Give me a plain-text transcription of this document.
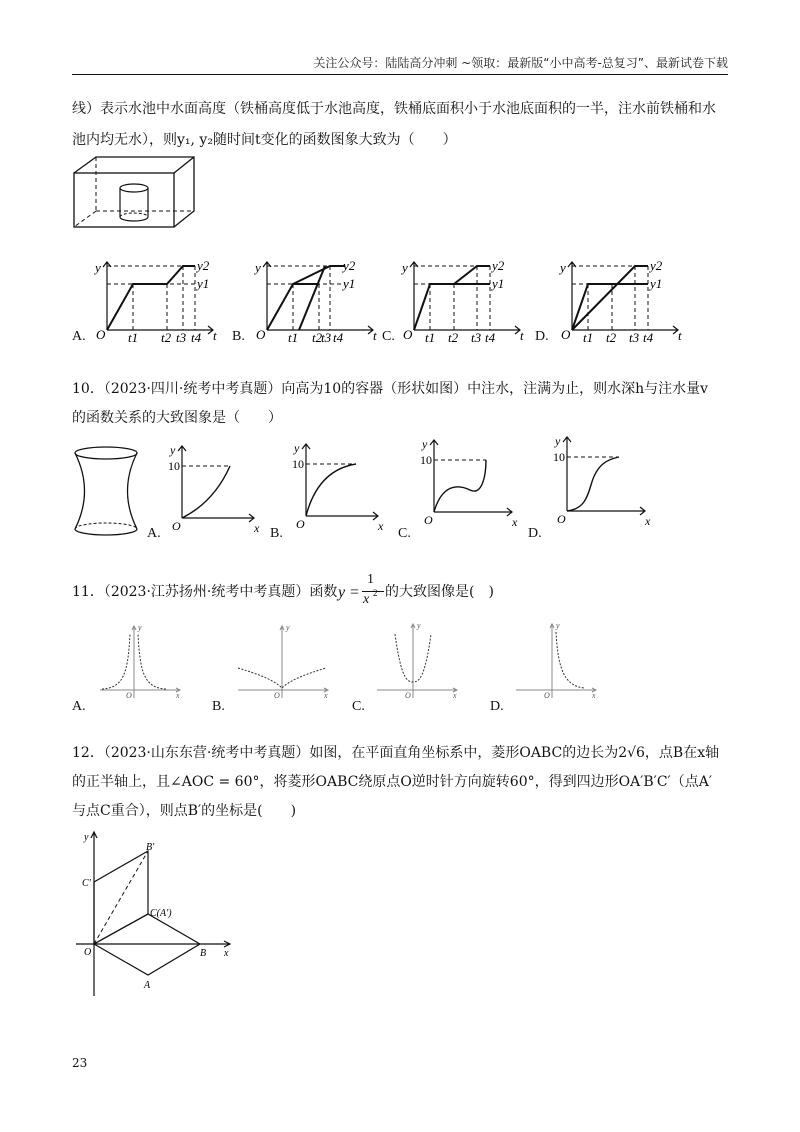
关注公众号：陆陆高分冲刺 ~领取：最新版“小中高考-总复习”、最新试卷下载
线）表示水池中水面高度（铁桶高度低于水池高度，铁桶底面积小于水池底面积的一半，注水前铁桶和水
池内均无水），则y₁, y₂随时间t变化的函数图象大致为（　　）
y
O	t
y2
y1
t1 t2 t3 t4
A.
y
O	t
y2
y1
t1 t2
t3 t4
B.
y
O	t
y2
y1
t1 t2 t3 t4
C.
y
O	t
y2
y1
t1 t2 t3 t4
D.
10．（2023·四川·统考中考真题）向高为10的容器（形状如图）中注水，注满为止，则水深h与注水量v
的函数关系的大致图象是（　　）
y
10
O	x
A.
y
10
O	x
B.
y
10
O	x
C.
y
10
O	x
D.
11．（2023·江苏扬州·统考中考真题）函数 y =
1
x 2 的大致图像是(　)
y
x
O
A.
y
x
O
B.
y
x
O
C.
y
x
O
D.
12．（2023·山东东营·统考中考真题）如图，在平面直角坐标系中，菱形OABC的边长为2√6，点B在x轴
的正半轴上，且∠AOC = 60°，将菱形OABC绕原点O逆时针方向旋转60°，得到四边形OA′B′C′（点A′
与点C重合），则点B′的坐标是(　　)
y
x
O
A
B
B′
C′
C(A′)
23
